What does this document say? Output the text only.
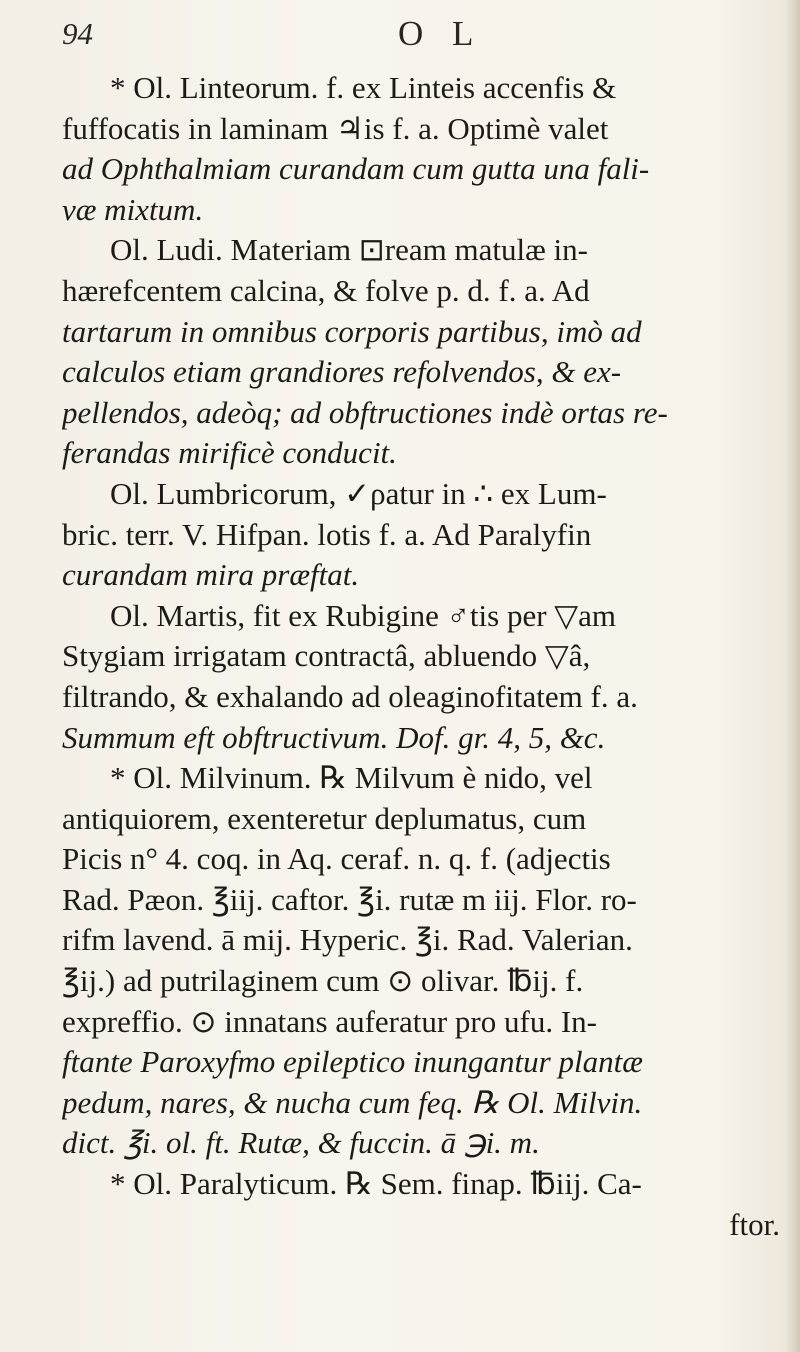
94	O L
* Ol. Linteorum. f. ex Linteis accenfis &
fuffocatis in laminam ♃is f. a. Optimè valet
ad Ophthalmiam curandam cum gutta una fali-
væ mixtum.
Ol. Ludi. Materiam ⊡ream matulæ in-
hærefcentem calcina, & folve p. d. f. a. Ad
tartarum in omnibus corporis partibus, imò ad
calculos etiam grandiores refolvendos, & ex-
pellendos, adeòq; ad obftructiones indè ortas re-
ferandas mirificè conducit.
Ol. Lumbricorum, ✓ρatur in ∴ ex Lum-
bric. terr. V. Hifpan. lotis f. a. Ad Paralyfin
curandam mira præftat.
Ol. Martis, fit ex Rubigine ♂tis per ▽am
Stygiam irrigatam contractâ, abluendo ▽â,
filtrando, & exhalando ad oleaginofitatem f. a.
Summum eft obftructivum. Dof. gr. 4, 5, &c.
* Ol. Milvinum. ℞ Milvum è nido, vel
antiquiorem, exenteretur deplumatus, cum
Picis n° 4. coq. in Aq. ceraf. n. q. f. (adjectis
Rad. Pæon. ℥iij. caftor. ℥i. rutæ m iij. Flor. ro-
rifm lavend. ā mij. Hyperic. ℥i. Rad. Valerian.
℥ij.) ad putrilaginem cum ⊙ olivar. ℔ij. f.
expreffio. ⊙ innatans auferatur pro ufu. In-
ftante Paroxyfmo epileptico inungantur plantæ
pedum, nares, & nucha cum feq. ℞ Ol. Milvin.
dict. ℥i. ol. ft. Rutæ, & fuccin. ā ℈i. m.
* Ol. Paralyticum. ℞ Sem. finap. ℔iij. Ca-
ftor.
